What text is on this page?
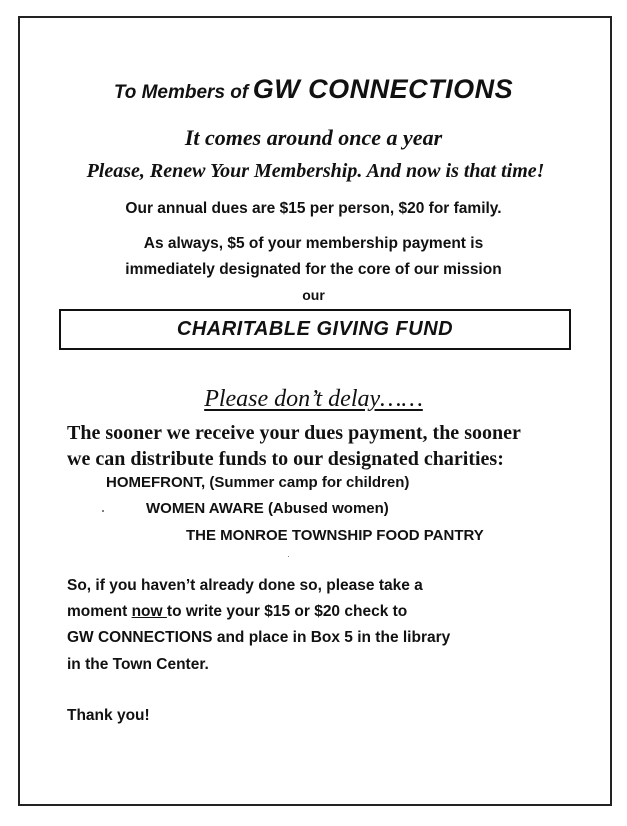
To Members of GW CONNECTIONS
It comes around once a year
Please, Renew Your Membership. And now is that time!
Our annual dues are $15 per person, $20 for family.
As always, $5 of your membership payment is
immediately designated for the core of our mission
our
CHARITABLE GIVING FUND
Please don’t delay……
The sooner we receive your dues payment, the sooner
we can distribute funds to our designated charities:
HOMEFRONT, (Summer camp for children)
WOMEN AWARE (Abused women)
THE MONROE TOWNSHIP FOOD PANTRY
So, if you haven’t already done so, please take a
moment now to write your $15 or $20 check to
GW CONNECTIONS and place in Box 5 in the library
in the Town Center.
Thank you!
